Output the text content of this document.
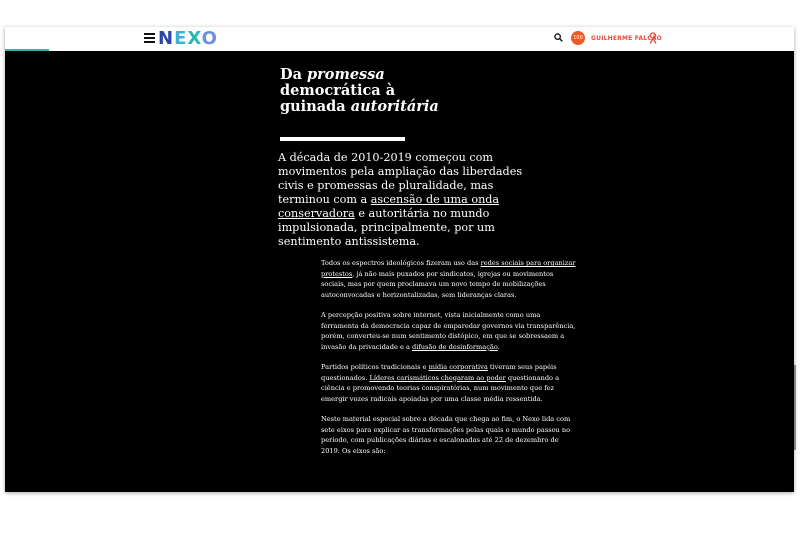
NEXO	100	GUILHERME FALCÃO
Da promessa democrática à guinada autoritária
A década de 2010-2019 começou com movimentos pela ampliação das liberdades civis e promessas de pluralidade, mas terminou com a ascensão de uma onda conservadora e autoritária no mundo impulsionada, principalmente, por um sentimento antissistema.

Todos os espectros ideológicos fizeram uso das redes sociais para organizar protestos, já não mais puxados por sindicatos, igrejas ou movimentos sociais, mas por quem proclamava um novo tempo de mobilizações autoconvocadas e horizontalizadas, sem lideranças claras.

A percepção positiva sobre internet, vista inicialmente como uma ferramenta da democracia capaz de emparedar governos via transparência, porém, converteu-se num sentimento distópico, em que se sobressaem a invasão da privacidade e a difusão de desinformação.

Partidos políticos tradicionais e mídia corporativa tiveram seus papéis questionados. Líderes carismáticos chegaram ao poder questionando a ciência e promovendo teorias conspiratórias, num movimento que fez emergir vozes radicais apoiadas por uma classe média ressentida.

Neste material especial sobre a década que chega ao fim, o Nexo lida com sete eixos para explicar as transformações pelas quais o mundo passou no período, com publicações diárias e escalonadas até 22 de dezembro de 2019. Os eixos são:
